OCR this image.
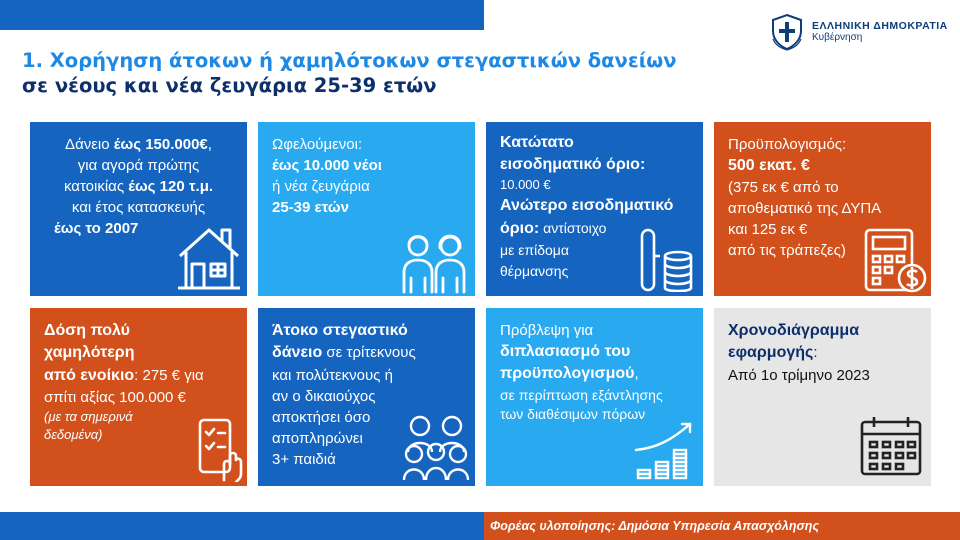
ΕΛΛΗΝΙΚΗ ΔΗΜΟΚΡΑΤΙΑ
Κυβέρνηση
1. Χορήγηση άτοκων ή χαμηλότοκων στεγαστικών δανείων
σε νέους και νέα ζευγάρια 25-39 ετών
Δάνειο έως 150.000€,
για αγορά πρώτης
κατοικίας έως 120 τ.μ.
και έτος κατασκευής
έως το 2007
Ωφελούμενοι:
έως 10.000 νέοι
ή νέα ζευγάρια
25-39 ετών
Κατώτατο
εισοδηματικό όριο:
10.000 €
Ανώτερο εισοδηματικό
όριο: αντίστοιχο
με επίδομα
θέρμανσης
Προϋπολογισμός:
500 εκατ. €
(375 εκ € από το
αποθεματικό της ΔΥΠΑ
και 125 εκ €
από τις τράπεζες)
Δόση πολύ
χαμηλότερη
από ενοίκιο: 275 € για
σπίτι αξίας 100.000 €
(με τα σημερινά
δεδομένα)
Άτοκο στεγαστικό
δάνειο σε τρίτεκνους
και πολύτεκνους ή
αν ο δικαιούχος
αποκτήσει όσο
αποπληρώνει
3+ παιδιά
Πρόβλεψη για
διπλασιασμό του
προϋπολογισμού,
σε περίπτωση εξάντλησης
των διαθέσιμων πόρων
Χρονοδιάγραμμα
εφαρμογής:
Από 1ο τρίμηνο 2023
Φορέας υλοποίησης: Δημόσια Υπηρεσία Απασχόλησης
